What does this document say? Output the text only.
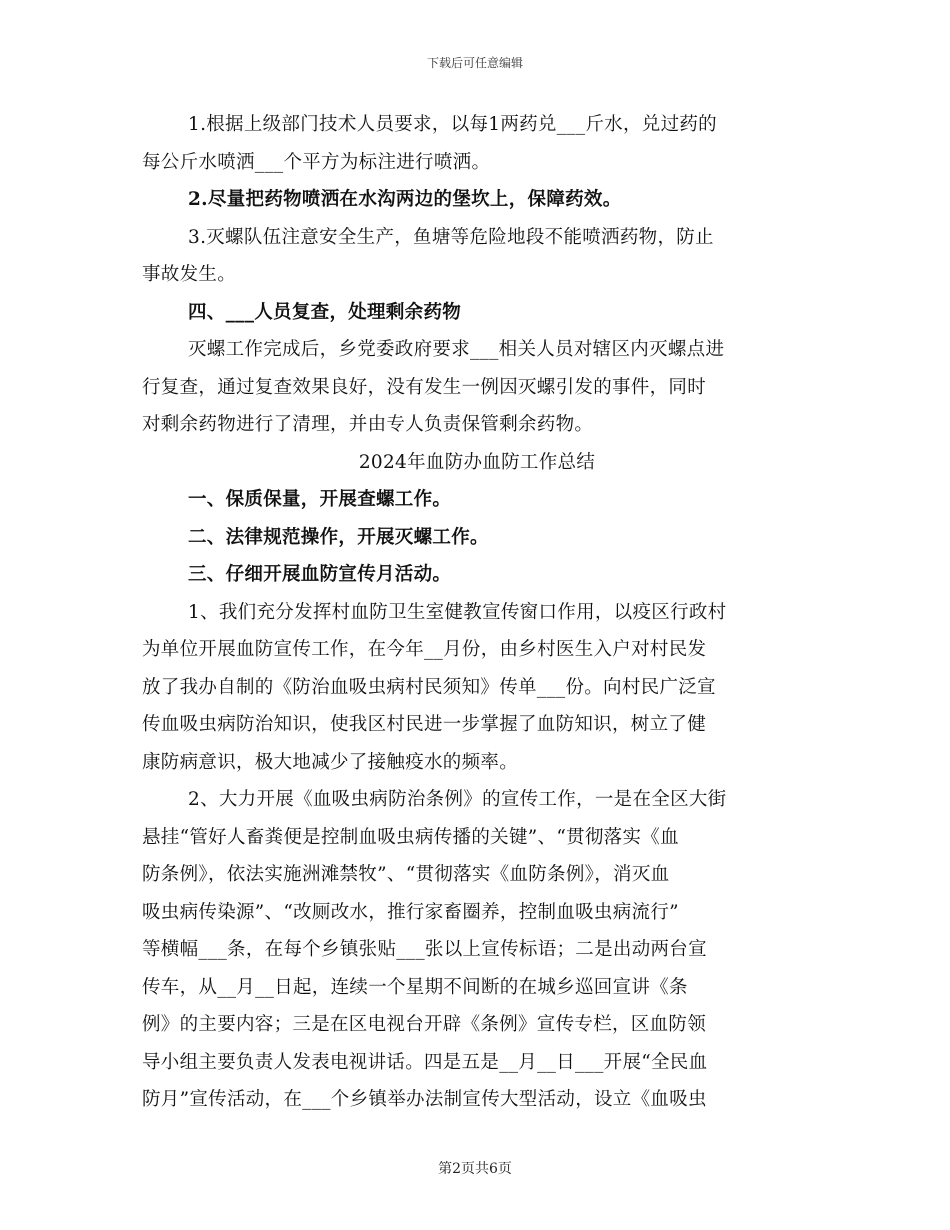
下载后可任意编辑
1.根据上级部门技术人员要求，以每1两药兑___斤水，兑过药的
每公斤水喷洒___个平方为标注进行喷洒。
2.尽量把药物喷洒在水沟两边的堡坎上，保障药效。
3.灭螺队伍注意安全生产，鱼塘等危险地段不能喷洒药物，防止
事故发生。
四、___人员复查，处理剩余药物
灭螺工作完成后，乡党委政府要求___相关人员对辖区内灭螺点进
行复查，通过复查效果良好，没有发生一例因灭螺引发的事件，同时
对剩余药物进行了清理，并由专人负责保管剩余药物。
2024年血防办血防工作总结
一、保质保量，开展查螺工作。
二、法律规范操作，开展灭螺工作。
三、仔细开展血防宣传月活动。
1、我们充分发挥村血防卫生室健教宣传窗口作用，以疫区行政村
为单位开展血防宣传工作，在今年__月份，由乡村医生入户对村民发
放了我办自制的《防治血吸虫病村民须知》传单___份。向村民广泛宣
传血吸虫病防治知识，使我区村民进一步掌握了血防知识，树立了健
康防病意识，极大地减少了接触疫水的频率。
2、大力开展《血吸虫病防治条例》的宣传工作，一是在全区大街
悬挂“管好人畜粪便是控制血吸虫病传播的关键”、“贯彻落实《血
防条例》，依法实施洲滩禁牧”、“贯彻落实《血防条例》，消灭血
吸虫病传染源”、“改厕改水，推行家畜圈养，控制血吸虫病流行”
等横幅___条，在每个乡镇张贴___张以上宣传标语；二是出动两台宣
传车，从__月__日起，连续一个星期不间断的在城乡巡回宣讲《条
例》的主要内容；三是在区电视台开辟《条例》宣传专栏，区血防领
导小组主要负责人发表电视讲话。四是五是__月__日___开展“全民血
防月”宣传活动，在___个乡镇举办法制宣传大型活动，设立《血吸虫
第2页共6页
